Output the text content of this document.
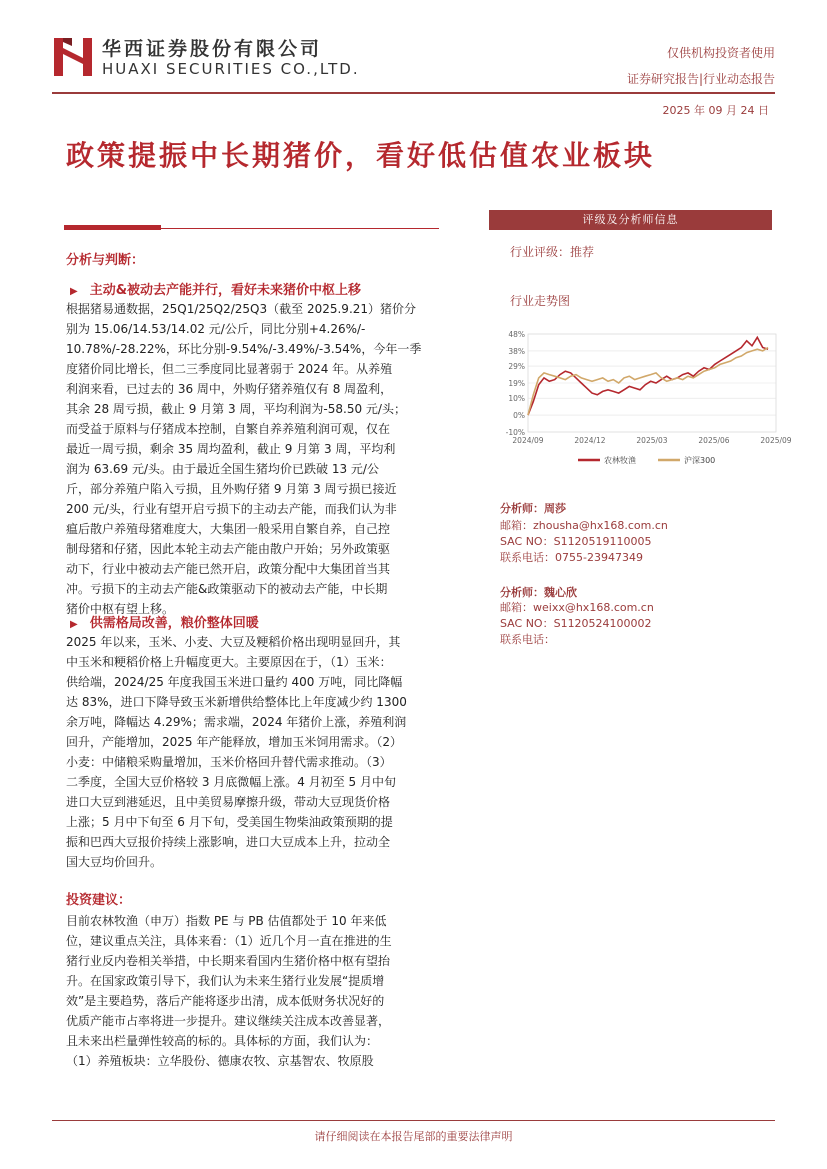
华西证券股份有限公司
HUAXI SECURITIES CO.,LTD.
仅供机构投资者使用
证券研究报告|行业动态报告
2025 年 09 月 24 日
政策提振中长期猪价，看好低估值农业板块
分析与判断：
▶ 主动&被动去产能并行，看好未来猪价中枢上移
根据猪易通数据，25Q1/25Q2/25Q3（截至 2025.9.21）猪价分
别为 15.06/14.53/14.02 元/公斤，同比分别+4.26%/-
10.78%/-28.22%，环比分别-9.54%/-3.49%/-3.54%，今年一季
度猪价同比增长，但二三季度同比显著弱于 2024 年。从养殖
利润来看，已过去的 36 周中，外购仔猪养殖仅有 8 周盈利，
其余 28 周亏损，截止 9 月第 3 周，平均利润为-58.50 元/头；
而受益于原料与仔猪成本控制，自繁自养养殖利润可观，仅在
最近一周亏损，剩余 35 周均盈利，截止 9 月第 3 周，平均利
润为 63.69 元/头。由于最近全国生猪均价已跌破 13 元/公
斤，部分养殖户陷入亏损，且外购仔猪 9 月第 3 周亏损已接近
200 元/头，行业有望开启亏损下的主动去产能，而我们认为非
瘟后散户养殖母猪难度大，大集团一般采用自繁自养，自己控
制母猪和仔猪，因此本轮主动去产能由散户开始；另外政策驱
动下，行业中被动去产能已然开启，政策分配中大集团首当其
冲。亏损下的主动去产能&政策驱动下的被动去产能，中长期
猪价中枢有望上移。
▶ 供需格局改善，粮价整体回暖
2025 年以来，玉米、小麦、大豆及粳稻价格出现明显回升，其
中玉米和粳稻价格上升幅度更大。主要原因在于，（1）玉米：
供给端，2024/25 年度我国玉米进口量约 400 万吨，同比降幅
达 83%，进口下降导致玉米新增供给整体比上年度减少约 1300
余万吨，降幅达 4.29%；需求端，2024 年猪价上涨，养殖利润
回升，产能增加，2025 年产能释放，增加玉米饲用需求。（2）
小麦：中储粮采购量增加，玉米价格回升替代需求推动。（3）
二季度，全国大豆价格较 3 月底微幅上涨。4 月初至 5 月中旬
进口大豆到港延迟，且中美贸易摩擦升级，带动大豆现货价格
上涨；5 月中下旬至 6 月下旬，受美国生物柴油政策预期的提
振和巴西大豆报价持续上涨影响，进口大豆成本上升，拉动全
国大豆均价回升。
投资建议：
目前农林牧渔（申万）指数 PE 与 PB 估值都处于 10 年来低
位，建议重点关注，具体来看：（1）近几个月一直在推进的生
猪行业反内卷相关举措，中长期来看国内生猪价格中枢有望抬
升。在国家政策引导下，我们认为未来生猪行业发展“提质增
效”是主要趋势，落后产能将逐步出清，成本低财务状况好的
优质产能市占率将进一步提升。建议继续关注成本改善显著，
且未来出栏量弹性较高的标的。具体标的方面，我们认为：
（1）养殖板块：立华股份、德康农牧、京基智农、牧原股
评级及分析师信息
行业评级：推荐
行业走势图
48%
38%
29%
19%
10%
0%
-10%
2024/09	2024/12	2025/03	2025/06	2025/09
农林牧渔	沪深300
分析师：周莎
邮箱：zhousha@hx168.com.cn
SAC NO：S1120519110005
联系电话：0755-23947349
分析师：魏心欣
邮箱：weixx@hx168.com.cn
SAC NO：S1120524100002
联系电话：
请仔细阅读在本报告尾部的重要法律声明
